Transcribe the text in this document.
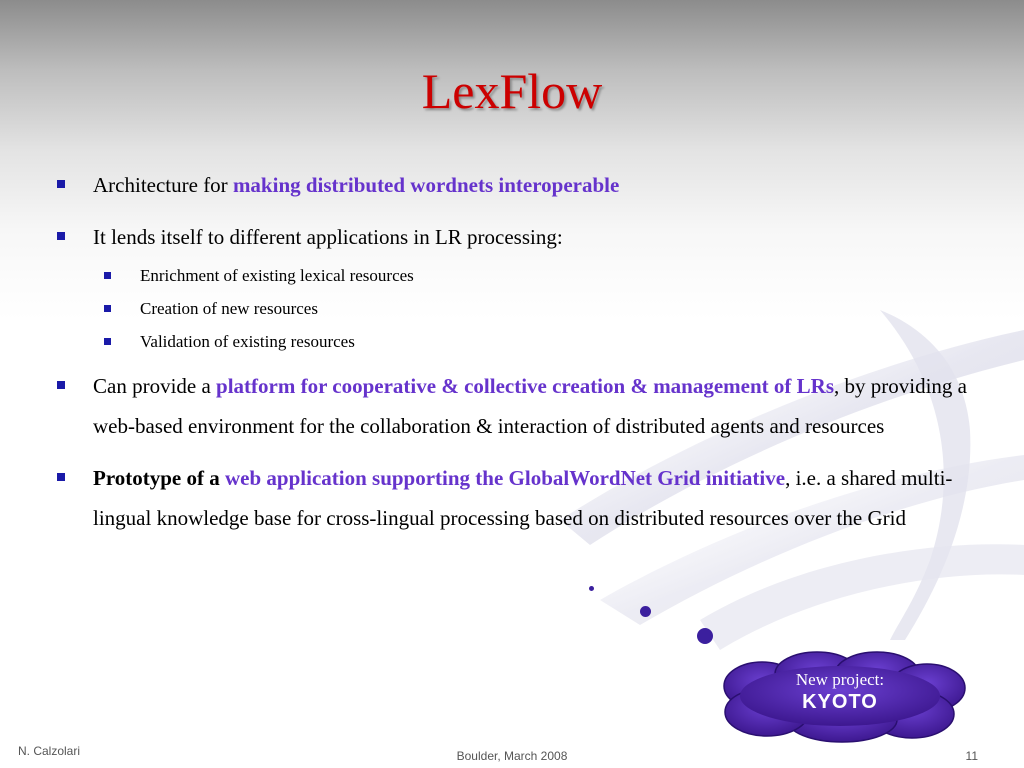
LexFlow
Architecture for making distributed wordnets interoperable
It lends itself to different applications in LR processing:
Enrichment of existing lexical resources
Creation of new resources
Validation of existing resources
Can provide a platform for cooperative & collective creation & management of LRs, by providing a web-based environment for the collaboration & interaction of distributed agents and resources
Prototype of a web application supporting the GlobalWordNet Grid initiative, i.e. a shared multi-lingual knowledge base for cross-lingual processing based on distributed resources over the Grid
New project:
KYOTO
N. Calzolari	Boulder, March 2008	11
